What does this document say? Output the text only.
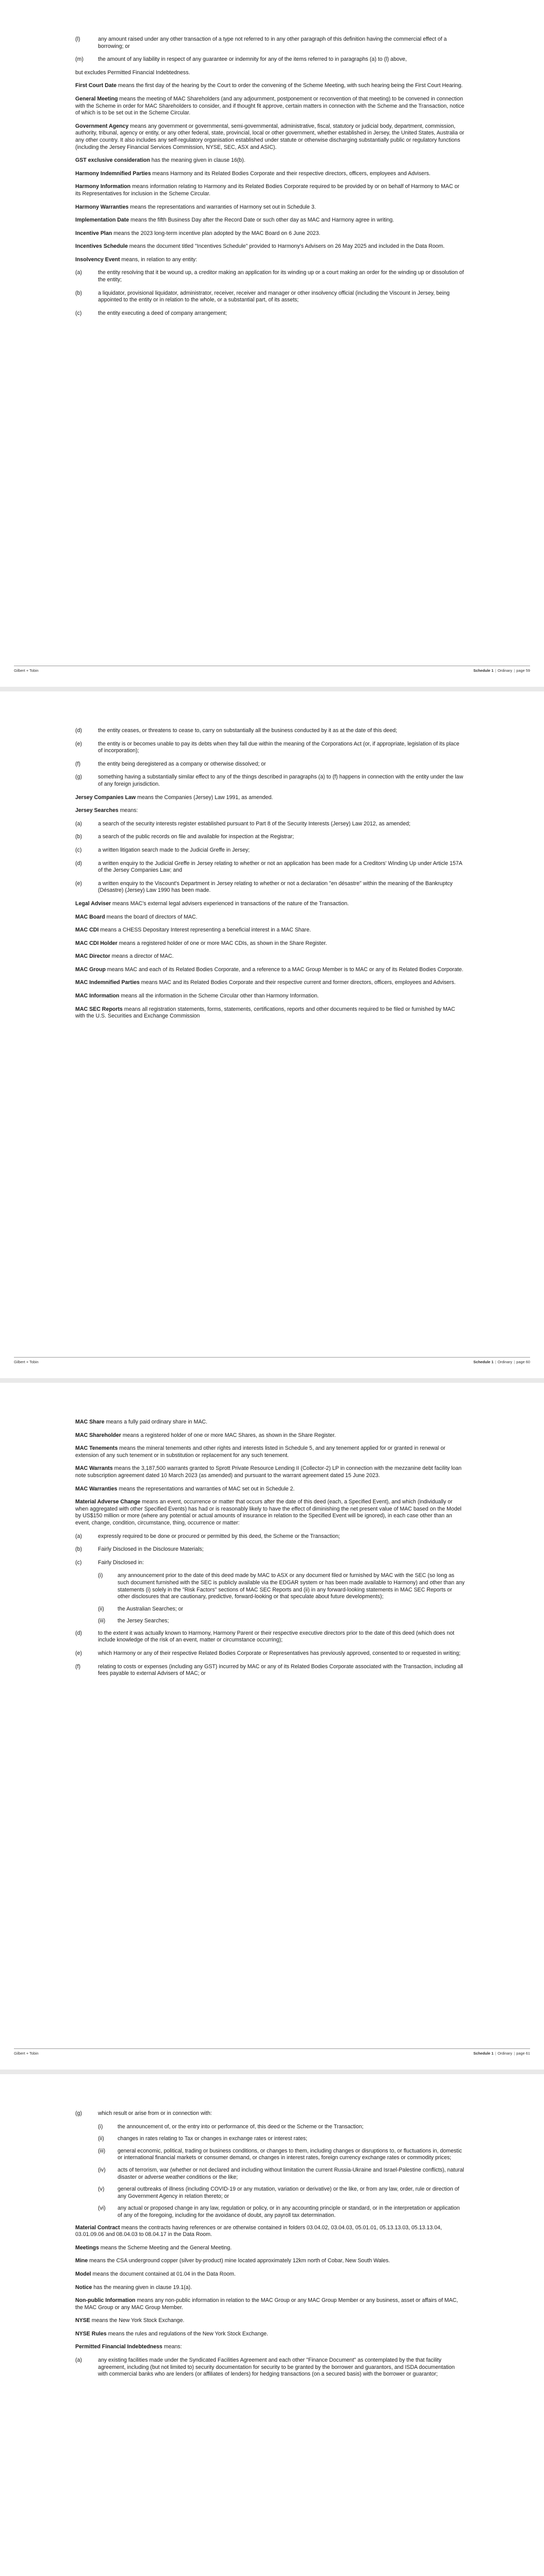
(l)	any amount raised under any other transaction of a type not referred to in any other paragraph of this definition having the commercial effect of a borrowing; or
(m)	the amount of any liability in respect of any guarantee or indemnity for any of the items referred to in paragraphs (a) to (l) above,

but excludes Permitted Financial Indebtedness.

First Court Date means the first day of the hearing by the Court to order the convening of the Scheme Meeting, with such hearing being the First Court Hearing.

General Meeting means the meeting of MAC Shareholders (and any adjournment, postponement or reconvention of that meeting) to be convened in connection with the Scheme in order for MAC Shareholders to consider, and if thought fit approve, certain matters in connection with the Scheme and the Transaction, notice of which is to be set out in the Scheme Circular.

Government Agency means any government or governmental, semi-governmental, administrative, fiscal, statutory or judicial body, department, commission, authority, tribunal, agency or entity, or any other federal, state, provincial, local or other government, whether established in Jersey, the United States, Australia or any other country. It also includes any self-regulatory organisation established under statute or otherwise discharging substantially public or regulatory functions (including the Jersey Financial Services Commission, NYSE, SEC, ASX and ASIC).

GST exclusive consideration has the meaning given in clause 16(b).

Harmony Indemnified Parties means Harmony and its Related Bodies Corporate and their respective directors, officers, employees and Advisers.

Harmony Information means information relating to Harmony and its Related Bodies Corporate required to be provided by or on behalf of Harmony to MAC or its Representatives for inclusion in the Scheme Circular.

Harmony Warranties means the representations and warranties of Harmony set out in Schedule 3.

Implementation Date means the fifth Business Day after the Record Date or such other day as MAC and Harmony agree in writing.

Incentive Plan means the 2023 long-term incentive plan adopted by the MAC Board on 6 June 2023.

Incentives Schedule means the document titled "Incentives Schedule" provided to Harmony's Advisers on 26 May 2025 and included in the Data Room.

Insolvency Event means, in relation to any entity:

(a)	the entity resolving that it be wound up, a creditor making an application for its winding up or a court making an order for the winding up or dissolution of the entity;
(b)	a liquidator, provisional liquidator, administrator, receiver, receiver and manager or other insolvency official (including the Viscount in Jersey, being appointed to the entity or in relation to the whole, or a substantial part, of its assets;
(c)	the entity executing a deed of company arrangement;
Gilbert + Tobin	Schedule 1 | Ordinary | page 59
(d)	the entity ceases, or threatens to cease to, carry on substantially all the business conducted by it as at the date of this deed;
(e)	the entity is or becomes unable to pay its debts when they fall due within the meaning of the Corporations Act (or, if appropriate, legislation of its place of incorporation);
(f)	the entity being deregistered as a company or otherwise dissolved; or
(g)	something having a substantially similar effect to any of the things described in paragraphs (a) to (f) happens in connection with the entity under the law of any foreign jurisdiction.

Jersey Companies Law means the Companies (Jersey) Law 1991, as amended.

Jersey Searches means:

(a)	a search of the security interests register established pursuant to Part 8 of the Security Interests (Jersey) Law 2012, as amended;
(b)	a search of the public records on file and available for inspection at the Registrar;
(c)	a written litigation search made to the Judicial Greffe in Jersey;
(d)	a written enquiry to the Judicial Greffe in Jersey relating to whether or not an application has been made for a Creditors' Winding Up under Article 157A of the Jersey Companies Law; and
(e)	a written enquiry to the Viscount's Department in Jersey relating to whether or not a declaration "en désastre" within the meaning of the Bankruptcy (Désastre) (Jersey) Law 1990 has been made.

Legal Adviser means MAC's external legal advisers experienced in transactions of the nature of the Transaction.

MAC Board means the board of directors of MAC.

MAC CDI means a CHESS Depositary Interest representing a beneficial interest in a MAC Share.

MAC CDI Holder means a registered holder of one or more MAC CDIs, as shown in the Share Register.

MAC Director means a director of MAC.

MAC Group means MAC and each of its Related Bodies Corporate, and a reference to a MAC Group Member is to MAC or any of its Related Bodies Corporate.

MAC Indemnified Parties means MAC and its Related Bodies Corporate and their respective current and former directors, officers, employees and Advisers.

MAC Information means all the information in the Scheme Circular other than Harmony Information.

MAC SEC Reports means all registration statements, forms, statements, certifications, reports and other documents required to be filed or furnished by MAC with the U.S. Securities and Exchange Commission

Gilbert + Tobin	Schedule 1 | Ordinary | page 60

MAC Share means a fully paid ordinary share in MAC.

MAC Shareholder means a registered holder of one or more MAC Shares, as shown in the Share Register.

MAC Tenements means the mineral tenements and other rights and interests listed in Schedule 5, and any tenement applied for or granted in renewal or extension of any such tenement or in substitution or replacement for any such tenement.

MAC Warrants means the 3,187,500 warrants granted to Sprott Private Resource Lending II (Collector-2) LP in connection with the mezzanine debt facility loan note subscription agreement dated 10 March 2023 (as amended) and pursuant to the warrant agreement dated 15 June 2023.

MAC Warranties means the representations and warranties of MAC set out in Schedule 2.

Material Adverse Change means an event, occurrence or matter that occurs after the date of this deed (each, a Specified Event), and which (individually or when aggregated with other Specified Events) has had or is reasonably likely to have the effect of diminishing the net present value of MAC based on the Model by US$150 million or more (where any potential or actual amounts of insurance in relation to the Specified Event will be ignored), in each case other than an event, change, condition, circumstance, thing, occurrence or matter:

(a)	expressly required to be done or procured or permitted by this deed, the Scheme or the Transaction;
(b)	Fairly Disclosed in the Disclosure Materials;
(c)	Fairly Disclosed in:
(i)	any announcement prior to the date of this deed made by MAC to ASX or any document filed or furnished by MAC with the SEC (so long as such document furnished with the SEC is publicly available via the EDGAR system or has been made available to Harmony) and other than any statements (i) solely in the "Risk Factors" sections of MAC SEC Reports and (ii) in any forward-looking statements in MAC SEC Reports or other disclosures that are cautionary, predictive, forward-looking or that speculate about future developments);
(ii)	the Australian Searches; or
(iii)	the Jersey Searches;
(d)	to the extent it was actually known to Harmony, Harmony Parent or their respective executive directors prior to the date of this deed (which does not include knowledge of the risk of an event, matter or circumstance occurring);
(e)	which Harmony or any of their respective Related Bodies Corporate or Representatives has previously approved, consented to or requested in writing;
(f)	relating to costs or expenses (including any GST) incurred by MAC or any of its Related Bodies Corporate associated with the Transaction, including all fees payable to external Advisers of MAC; or
Gilbert + Tobin	Schedule 1 | Ordinary | page 61
(g)	which result or arise from or in connection with:
(i)	the announcement of, or the entry into or performance of, this deed or the Scheme or the Transaction;
(ii)	changes in rates relating to Tax or changes in exchange rates or interest rates;
(iii)	general economic, political, trading or business conditions, or changes to them, including changes or disruptions to, or fluctuations in, domestic or international financial markets or consumer demand, or changes in interest rates, foreign currency exchange rates or commodity prices;
(iv)	acts of terrorism, war (whether or not declared and including without limitation the current Russia-Ukraine and Israel-Palestine conflicts), natural disaster or adverse weather conditions or the like;
(v)	general outbreaks of illness (including COVID-19 or any mutation, variation or derivative) or the like, or from any law, order, rule or direction of any Government Agency in relation thereto; or
(vi)	any actual or proposed change in any law, regulation or policy, or in any accounting principle or standard, or in the interpretation or application of any of the foregoing, including for the avoidance of doubt, any payroll tax determination.

Material Contract means the contracts having references or are otherwise contained in folders 03.04.02, 03.04.03, 05.01.01, 05.13.13.03, 05.13.13.04, 03.01.09.06 and 08.04.03 to 08.04.17 in the Data Room.

Meetings means the Scheme Meeting and the General Meeting.

Mine means the CSA underground copper (silver by-product) mine located approximately 12km north of Cobar, New South Wales.

Model means the document contained at 01.04 in the Data Room.

Notice has the meaning given in clause 19.1(a).

Non-public Information means any non-public information in relation to the MAC Group or any MAC Group Member or any business, asset or affairs of MAC, the MAC Group or any MAC Group Member.

NYSE means the New York Stock Exchange.

NYSE Rules means the rules and regulations of the New York Stock Exchange.

Permitted Financial Indebtedness means:

(a)	any existing facilities made under the Syndicated Facilities Agreement and each other "Finance Document" as contemplated by the that facility agreement, including (but not limited to) security documentation for security to be granted by the borrower and guarantors, and ISDA documentation with commercial banks who are lenders (or affiliates of lenders) for hedging transactions (on a secured basis) with the borrower or guarantor;
